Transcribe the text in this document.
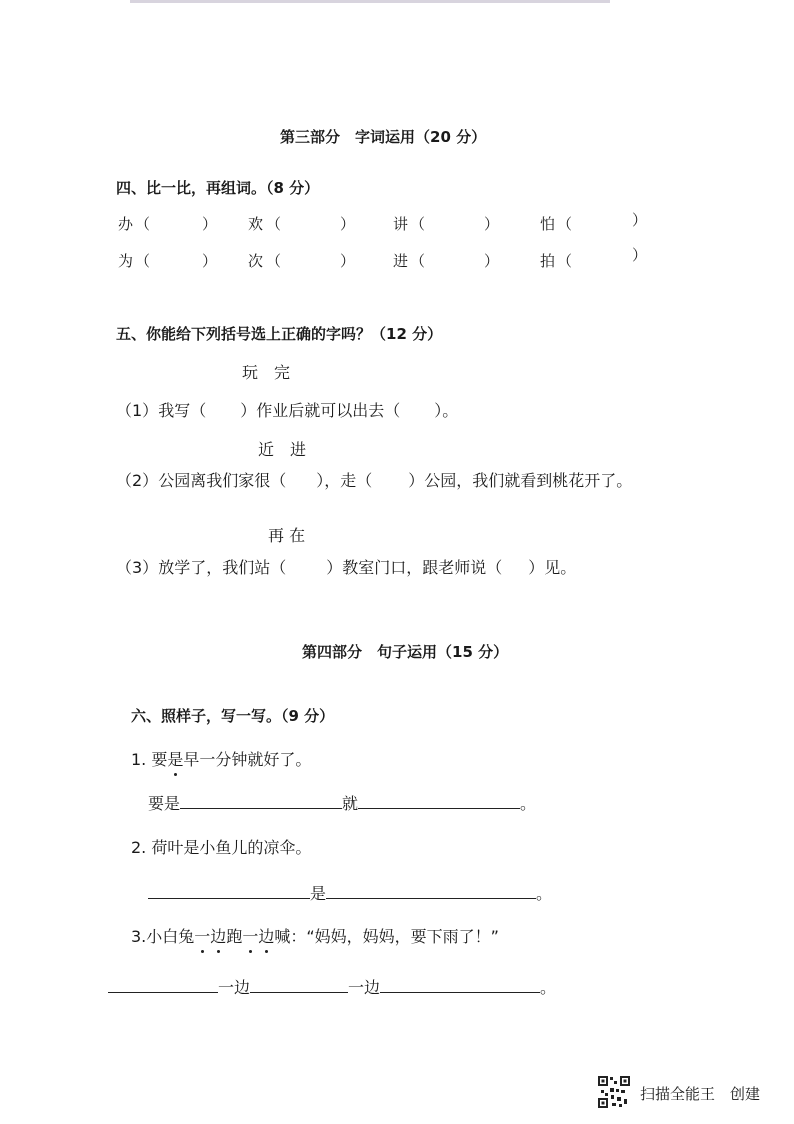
第三部分　字词运用（20 分）
四、比一比，再组词。（8 分）
办 （	） 欢 （	）	讲 （	）	怕 （	）
为 （	） 次 （	）	进 （	）	拍 （	）
五、你能给下列括号选上正确的字吗？（12 分）
玩　完
（1）我写（ ）作业后就可以出去（ ）。
近　进
（2）公园离我们家很（ ），走（ ）公园，我们就看到桃花开了。
再 在
（3）放学了，我们站（	）教室门口，跟老师说（ ）见。
第四部分　句子运用（15 分）
六、照样子，写一写。（9 分）
1. 要是早一分钟就好了。
要是	就	。
2. 荷叶是小鱼儿的凉伞。
是	。
3.小白兔一边跑一边喊：“妈妈，妈妈，要下雨了！”
一边	一边	。
扫描全能王　创建
